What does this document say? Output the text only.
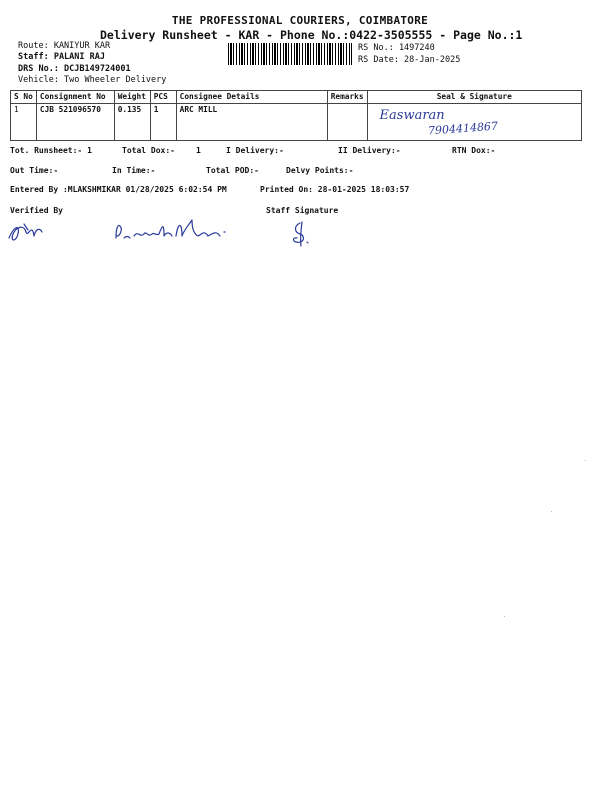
THE PROFESSIONAL COURIERS, COIMBATORE
Delivery Runsheet - KAR - Phone No.:0422-3505555 - Page No.:1
Route: KANIYUR KAR
Staff: PALANI RAJ
DRS No.: DCJB149724001
Vehicle: Two Wheeler Delivery
RS No.: 1497240
RS Date: 28-Jan-2025
S No	Consignment No	Weight	PCS	Consignee Details	Remarks	Seal & Signature
1	CJB 521096570	0.135	1	ARC MILL		Easwaran
7904414867
Tot. Runsheet:- 1	Total Dox:-	1	I Delivery:-	II Delivery:-	RTN Dox:-
Out Time:-	In Time:-	Total POD:-	Delvy Points:-
Entered By :MLAKSHMIKAR 01/28/2025 6:02:54 PM	Printed On: 28-01-2025 18:03:57
Verified By	Staff Signature
